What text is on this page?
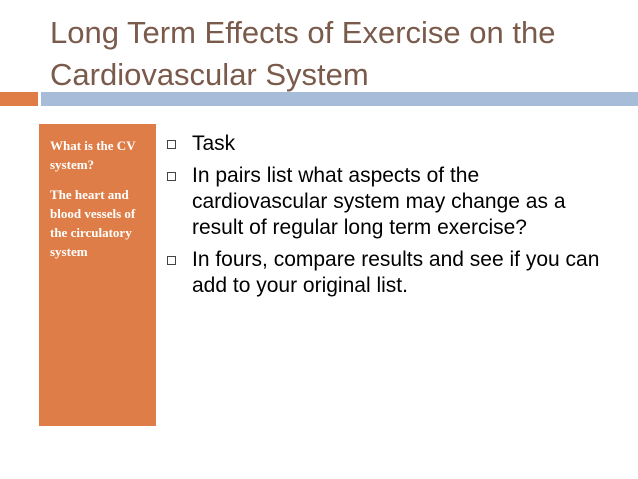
Long Term Effects of Exercise on the Cardiovascular System

What is the CV system?

The heart and blood vessels of the circulatory system

Task
In pairs list what aspects of the cardiovascular system may change as a result of regular long term exercise?
In fours, compare results and see if you can add to your original list.
